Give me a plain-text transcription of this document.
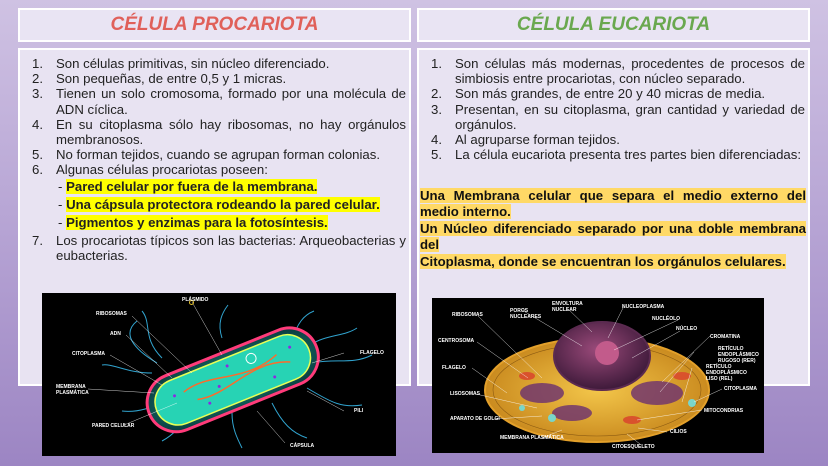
CÉLULA PROCARIOTA	CÉLULA EUCARIOTA
1. Son células primitivas, sin núcleo diferenciado.
2. Son pequeñas, de entre 0,5 y 1 micras.
3. Tienen un solo cromosoma, formado por una molécula de ADN cíclica.
4. En su citoplasma sólo hay ribosomas, no hay orgánulos membranosos.
5. No forman tejidos, cuando se agrupan forman colonias.
6. Algunas células procariotas poseen:
- Pared celular por fuera de la membrana.
- Una cápsula protectora rodeando la pared celular.
- Pigmentos y enzimas para la fotosíntesis.
7. Los procariotas típicos son las bacterias: Arqueobacterias y eubacterias.
1. Son células más modernas, procedentes de procesos de simbiosis entre procariotas, con núcleo separado.
2. Son más grandes, de entre 20 y 40 micras de media.
3. Presentan, en su citoplasma, gran cantidad y variedad de orgánulos.
4. Al agruparse forman tejidos.
5. La célula eucariota presenta tres partes bien diferenciadas:
Una Membrana celular que separa el medio externo del medio interno.
Un Núcleo diferenciado separado por una doble membrana del
Citoplasma, donde se encuentran los orgánulos celulares.
PLÁSMIDO
RIBOSOMAS
ADN
CITOPLASMA
MEMBRANA PLASMÁTICA
PARED CELULAR
FLAGELO
PILI
CÁPSULA
ENVOLTURA NUCLEAR
POROS NUCLEARES
RIBOSOMAS
CENTROSOMA
FLAGELO
LISOSOMAS
APARATO DE GOLGI
MEMBRANA PLASMÁTICA
NUCLEOPLASMA
NUCLÉOLO
NÚCLEO
CROMATINA
RETÍCULO ENDOPLÁSMICO RUGOSO (RER)
RETÍCULO ENDOPLÁSMICO LISO (REL)
CITOPLASMA
MITOCONDRIAS
CILIOS
CITOESQUELETO
